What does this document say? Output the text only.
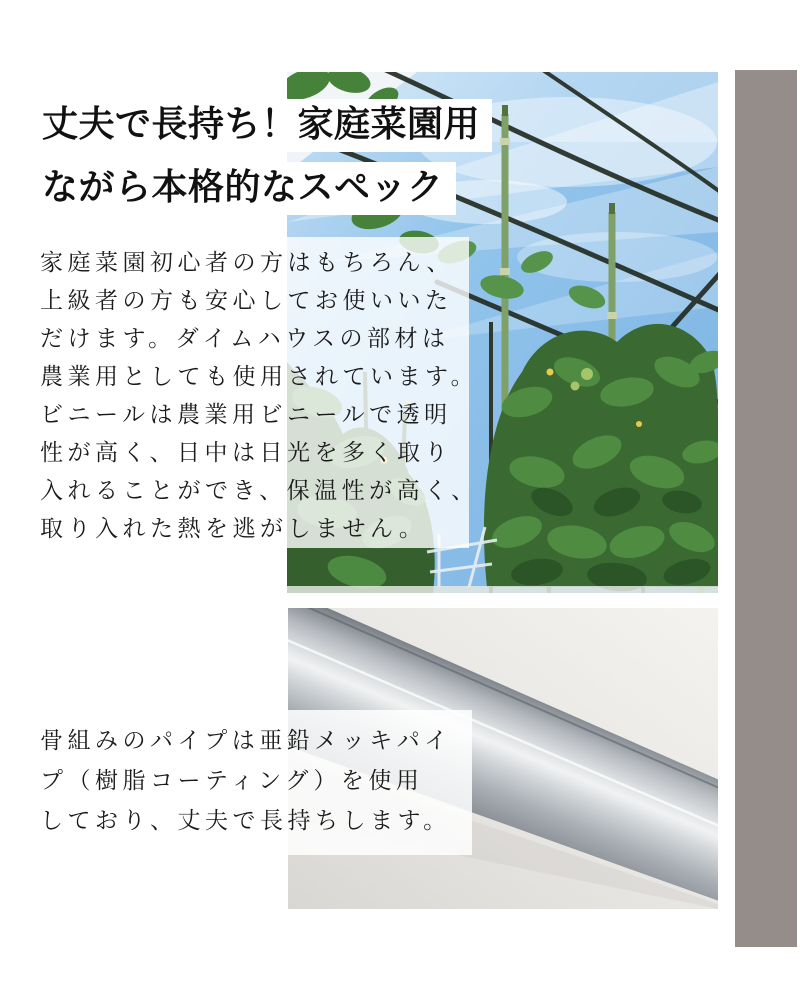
丈夫で長持ち！家庭菜園用
ながら本格的なスペック
家庭菜園初心者の方はもちろん、
上級者の方も安心してお使いいた
だけます。ダイムハウスの部材は
農業用としても使用されています。
ビニールは農業用ビニールで透明
性が高く、日中は日光を多く取り
入れることができ、保温性が高く、
取り入れた熱を逃がしません。
骨組みのパイプは亜鉛メッキパイ
プ（樹脂コーティング）を使用
しており、丈夫で長持ちします。
